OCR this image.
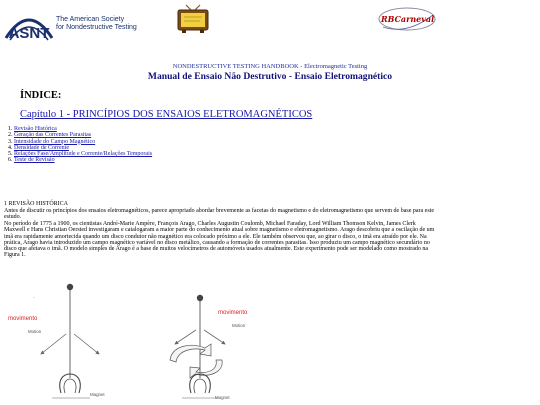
ASNT
The American Society
for Nondestructive Testing
RBCarneval
NONDESTRUCTIVE TESTING HANDBOOK - Electromagnetic Testing
Manual de Ensaio Não Destrutivo - Ensaio Eletromagnético
ÍNDICE:
Capítulo 1 - PRINCÍPIOS DOS ENSAIOS ELETROMAGNÉTICOS
1. Revisão Histórica
2. Geração das Correntes Parasitas
3. Intensidade do Campo Magnético
4. Densidade de Corrente
5. Relações Fase/Amplitude e Corrente/Relações Temporais
6. Teste de Revisão
1 REVISÃO HISTÓRICA
Antes de discutir os princípios dos ensaios eletromagnéticos, parece apropriado abordar brevemente as facetas do magnetismo e do eletromagnetismo que servem de base para este estudo.
No período de 1775 a 1900, os cientistas André-Marie Ampère, François Arago, Charles Augustin Coulomb, Michael Faraday, Lord William Thomson Kelvin, James Clerk Maxwell e Hans Christian Oersted investigaram e catalogaram a maior parte do conhecimento atual sobre magnetismo e eletromagnetismo. Arago descobriu que a oscilação de um imã era rapidamente amortecida quando um disco condutor não magnético era colocado próximo a ele. Ele também observou que, ao girar o disco, o imã era atraído por ele. Na prática, Arago havia introduzido um campo magnético variável no disco metálico, causando a formação de correntes parasitas. Isso produziu um campo magnético secundário no disco que afetava o imã. O modelo simples de Arago é a base de muitos velocímetros de automóveis usados atualmente. Este experimento pode ser modelado como mostrado na Figura 1.
–
movimento
Motion
Magnet
movimento
Motion
Magnet
